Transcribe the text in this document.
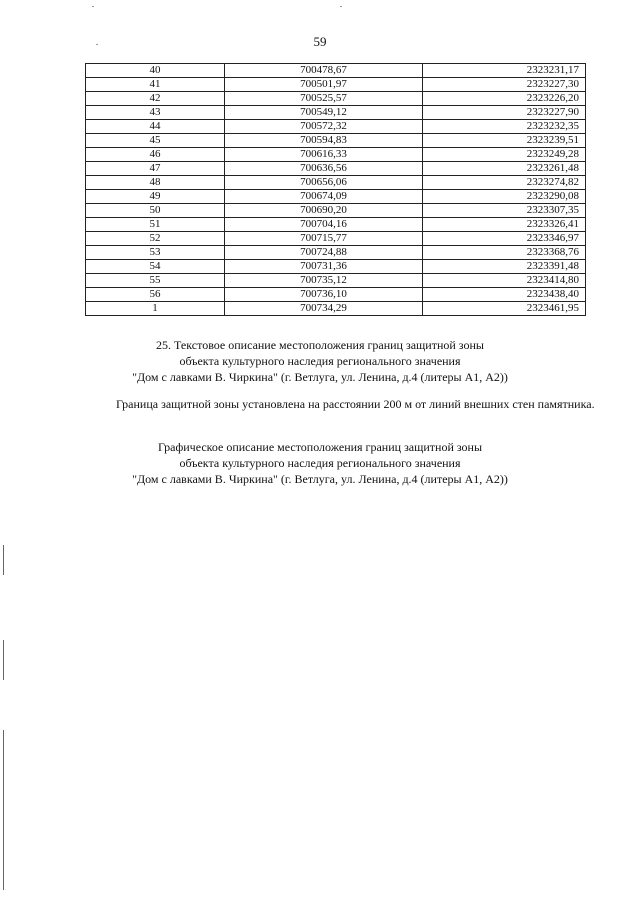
59
40	700478,67	2323231,17
41	700501,97	2323227,30
42	700525,57	2323226,20
43	700549,12	2323227,90
44	700572,32	2323232,35
45	700594,83	2323239,51
46	700616,33	2323249,28
47	700636,56	2323261,48
48	700656,06	2323274,82
49	700674,09	2323290,08
50	700690,20	2323307,35
51	700704,16	2323326,41
52	700715,77	2323346,97
53	700724,88	2323368,76
54	700731,36	2323391,48
55	700735,12	2323414,80
56	700736,10	2323438,40
1	700734,29	2323461,95
25. Текстовое описание местоположения границ защитной зоны
объекта культурного наследия регионального значения
"Дом с лавками В. Чиркина" (г. Ветлуга, ул. Ленина, д.4 (литеры А1, А2))
Граница защитной зоны установлена на расстоянии 200 м от линий внешних стен памятника.
Графическое описание местоположения границ защитной зоны
объекта культурного наследия регионального значения
"Дом с лавками В. Чиркина" (г. Ветлуга, ул. Ленина, д.4 (литеры А1, А2))
